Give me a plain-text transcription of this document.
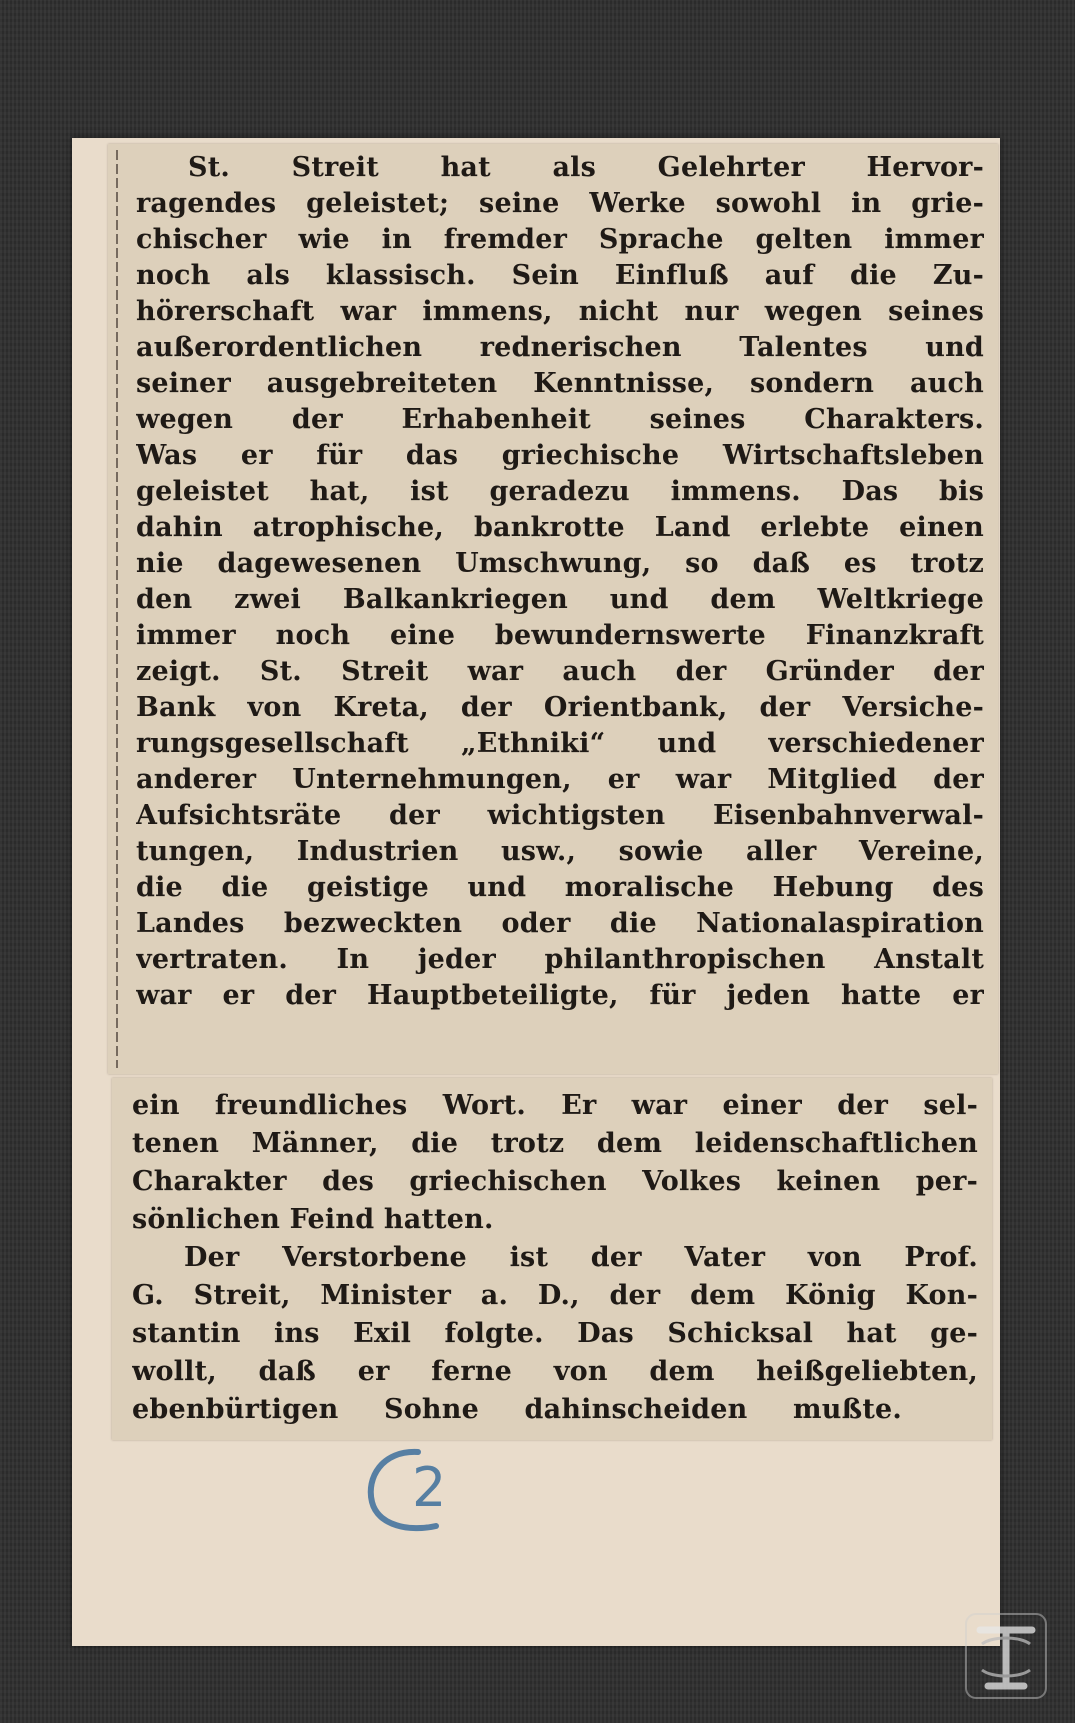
St. Streit hat als Gelehrter Hervor-
ragendes geleistet; seine Werke sowohl in grie-
chischer wie in fremder Sprache gelten immer
noch als klassisch. Sein Einfluß auf die Zu-
hörerschaft war immens, nicht nur wegen seines
außerordentlichen rednerischen Talentes und
seiner ausgebreiteten Kenntnisse, sondern auch
wegen der Erhabenheit seines Charakters.
Was er für das griechische Wirtschaftsleben
geleistet hat, ist geradezu immens. Das bis
dahin atrophische, bankrotte Land erlebte einen
nie dagewesenen Umschwung, so daß es trotz
den zwei Balkankriegen und dem Weltkriege
immer noch eine bewundernswerte Finanzkraft
zeigt. St. Streit war auch der Gründer der
Bank von Kreta, der Orientbank, der Versiche-
rungsgesellschaft „Ethniki“ und verschiedener
anderer Unternehmungen, er war Mitglied der
Aufsichtsräte der wichtigsten Eisenbahnverwal-
tungen, Industrien usw., sowie aller Vereine,
die die geistige und moralische Hebung des
Landes bezweckten oder die Nationalaspiration
vertraten. In jeder philanthropischen Anstalt
war er der Hauptbeteiligte, für jeden hatte er
ein freundliches Wort. Er war einer der sel-
tenen Männer, die trotz dem leidenschaftlichen
Charakter des griechischen Volkes keinen per-
sönlichen Feind hatten.
Der Verstorbene ist der Vater von Prof.
G. Streit, Minister a. D., der dem König Kon-
stantin ins Exil folgte. Das Schicksal hat ge-
wollt, daß er ferne von dem heißgeliebten,
ebenbürtigen Sohne dahinscheiden mußte.
2
